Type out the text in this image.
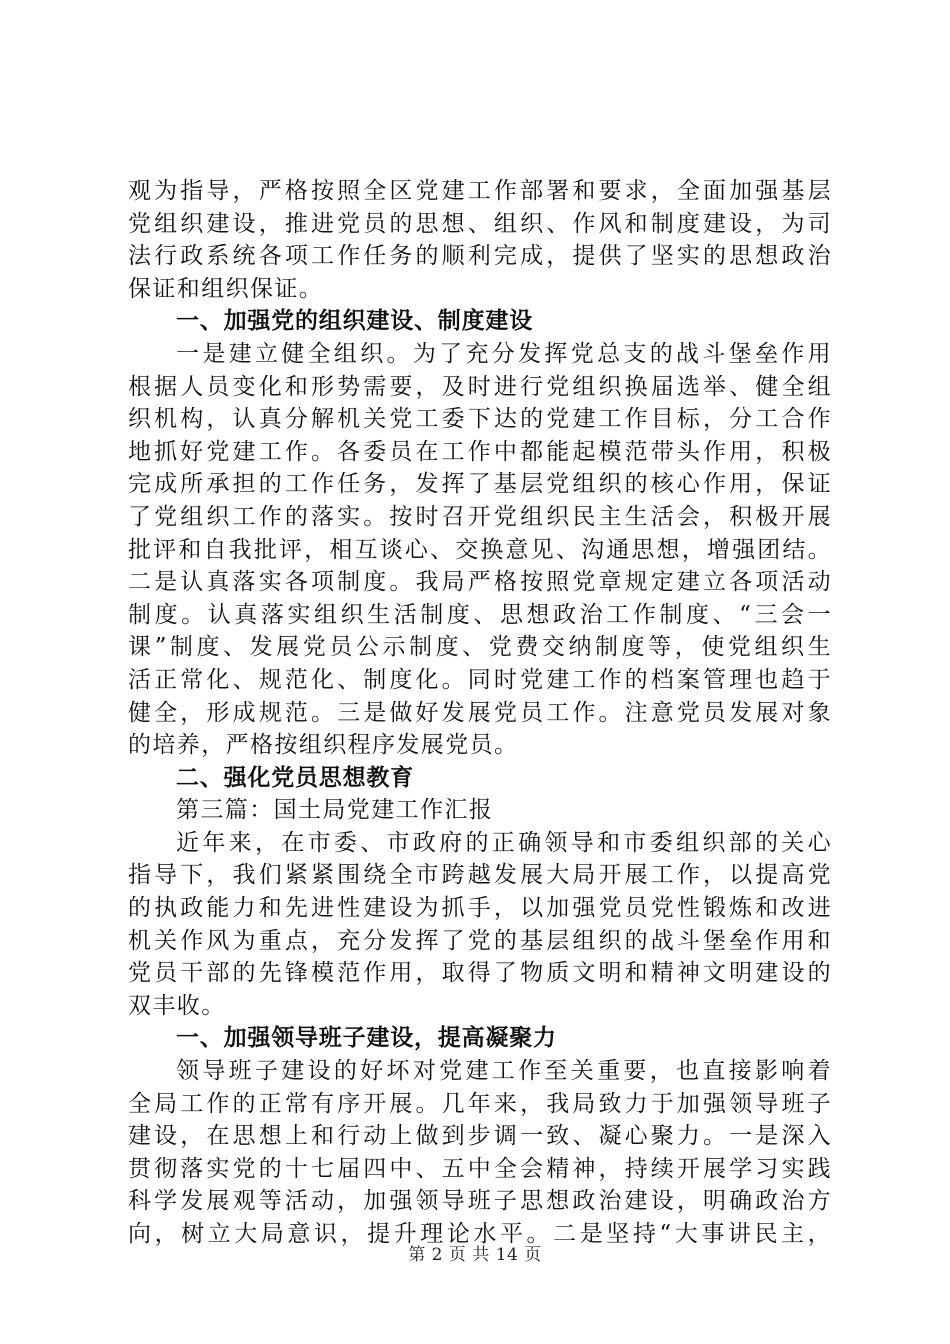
观为指导，严格按照全区党建工作部署和要求，全面加强基层
党组织建设，推进党员的思想、组织、作风和制度建设，为司
法行政系统各项工作任务的顺利完成，提供了坚实的思想政治
保证和组织保证。
一、加强党的组织建设、制度建设
一是建立健全组织。为了充分发挥党总支的战斗堡垒作用
根据人员变化和形势需要，及时进行党组织换届选举、健全组
织机构，认真分解机关党工委下达的党建工作目标，分工合作
地抓好党建工作。各委员在工作中都能起模范带头作用，积极
完成所承担的工作任务，发挥了基层党组织的核心作用，保证
了党组织工作的落实。按时召开党组织民主生活会，积极开展
批评和自我批评，相互谈心、交换意见、沟通思想，增强团结。
二是认真落实各项制度。我局严格按照党章规定建立各项活动
制度。认真落实组织生活制度、思想政治工作制度、“三会一
课”制度、发展党员公示制度、党费交纳制度等，使党组织生
活正常化、规范化、制度化。同时党建工作的档案管理也趋于
健全，形成规范。三是做好发展党员工作。注意党员发展对象
的培养，严格按组织程序发展党员。
二、强化党员思想教育
第三篇：国土局党建工作汇报
近年来，在市委、市政府的正确领导和市委组织部的关心
指导下，我们紧紧围绕全市跨越发展大局开展工作，以提高党
的执政能力和先进性建设为抓手，以加强党员党性锻炼和改进
机关作风为重点，充分发挥了党的基层组织的战斗堡垒作用和
党员干部的先锋模范作用，取得了物质文明和精神文明建设的
双丰收。
一、加强领导班子建设，提高凝聚力
领导班子建设的好坏对党建工作至关重要，也直接影响着
全局工作的正常有序开展。几年来，我局致力于加强领导班子
建设，在思想上和行动上做到步调一致、凝心聚力。一是深入
贯彻落实党的十七届四中、五中全会精神，持续开展学习实践
科学发展观等活动，加强领导班子思想政治建设，明确政治方
向，树立大局意识，提升理论水平。二是坚持“大事讲民主，
第 2 页 共 14 页
